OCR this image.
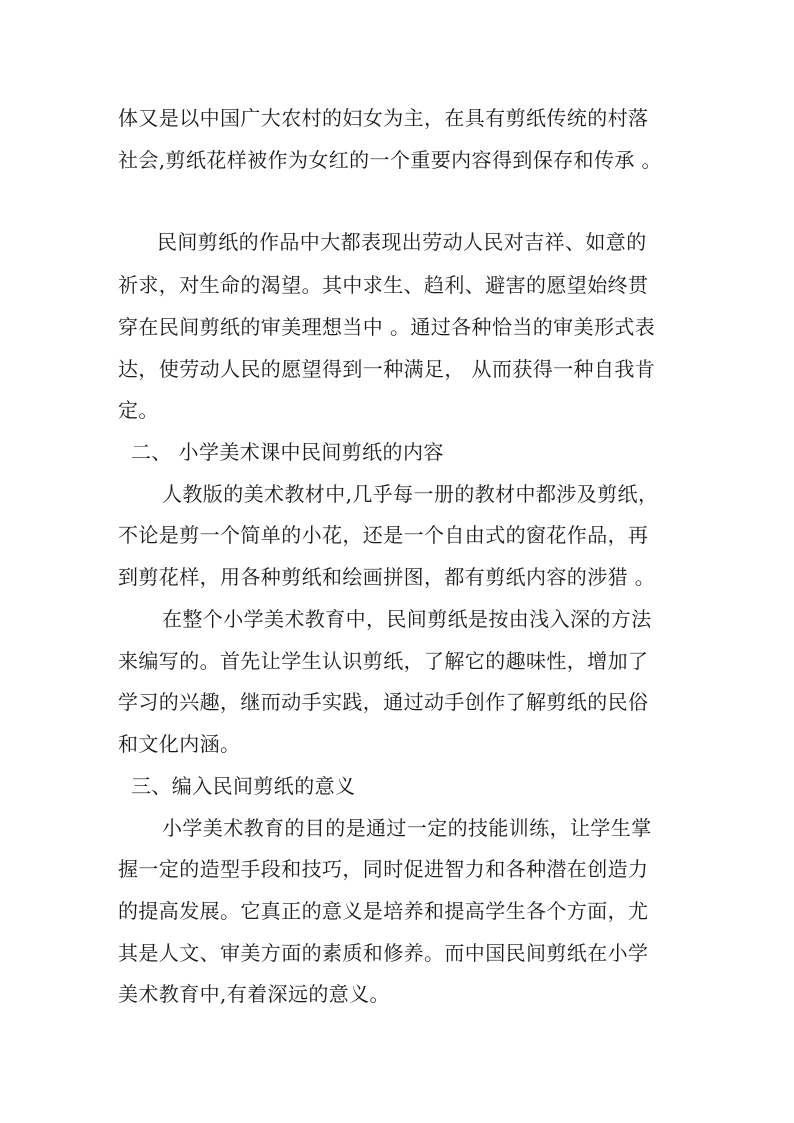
体又是以中国广大农村的妇女为主，在具有剪纸传统的村落
社会,剪纸花样被作为女红的一个重要内容得到保存和传承 。
民间剪纸的作品中大都表现出劳动人民对吉祥、如意的
祈求，对生命的渴望。其中求生、趋利、避害的愿望始终贯
穿在民间剪纸的审美理想当中 。通过各种恰当的审美形式表
达，使劳动人民的愿望得到一种满足， 从而获得一种自我肯
定。
二、 小学美术课中民间剪纸的内容
人教版的美术教材中,几乎每一册的教材中都涉及剪纸，
不论是剪一个简单的小花，还是一个自由式的窗花作品，再
到剪花样，用各种剪纸和绘画拼图，都有剪纸内容的涉猎 。
在整个小学美术教育中，民间剪纸是按由浅入深的方法
来编写的。首先让学生认识剪纸，了解它的趣味性，增加了
学习的兴趣，继而动手实践，通过动手创作了解剪纸的民俗
和文化内涵。
三、编入民间剪纸的意义
小学美术教育的目的是通过一定的技能训练，让学生掌
握一定的造型手段和技巧，同时促进智力和各种潜在创造力
的提高发展。它真正的意义是培养和提高学生各个方面，尤
其是人文、审美方面的素质和修养。而中国民间剪纸在小学
美术教育中,有着深远的意义。
